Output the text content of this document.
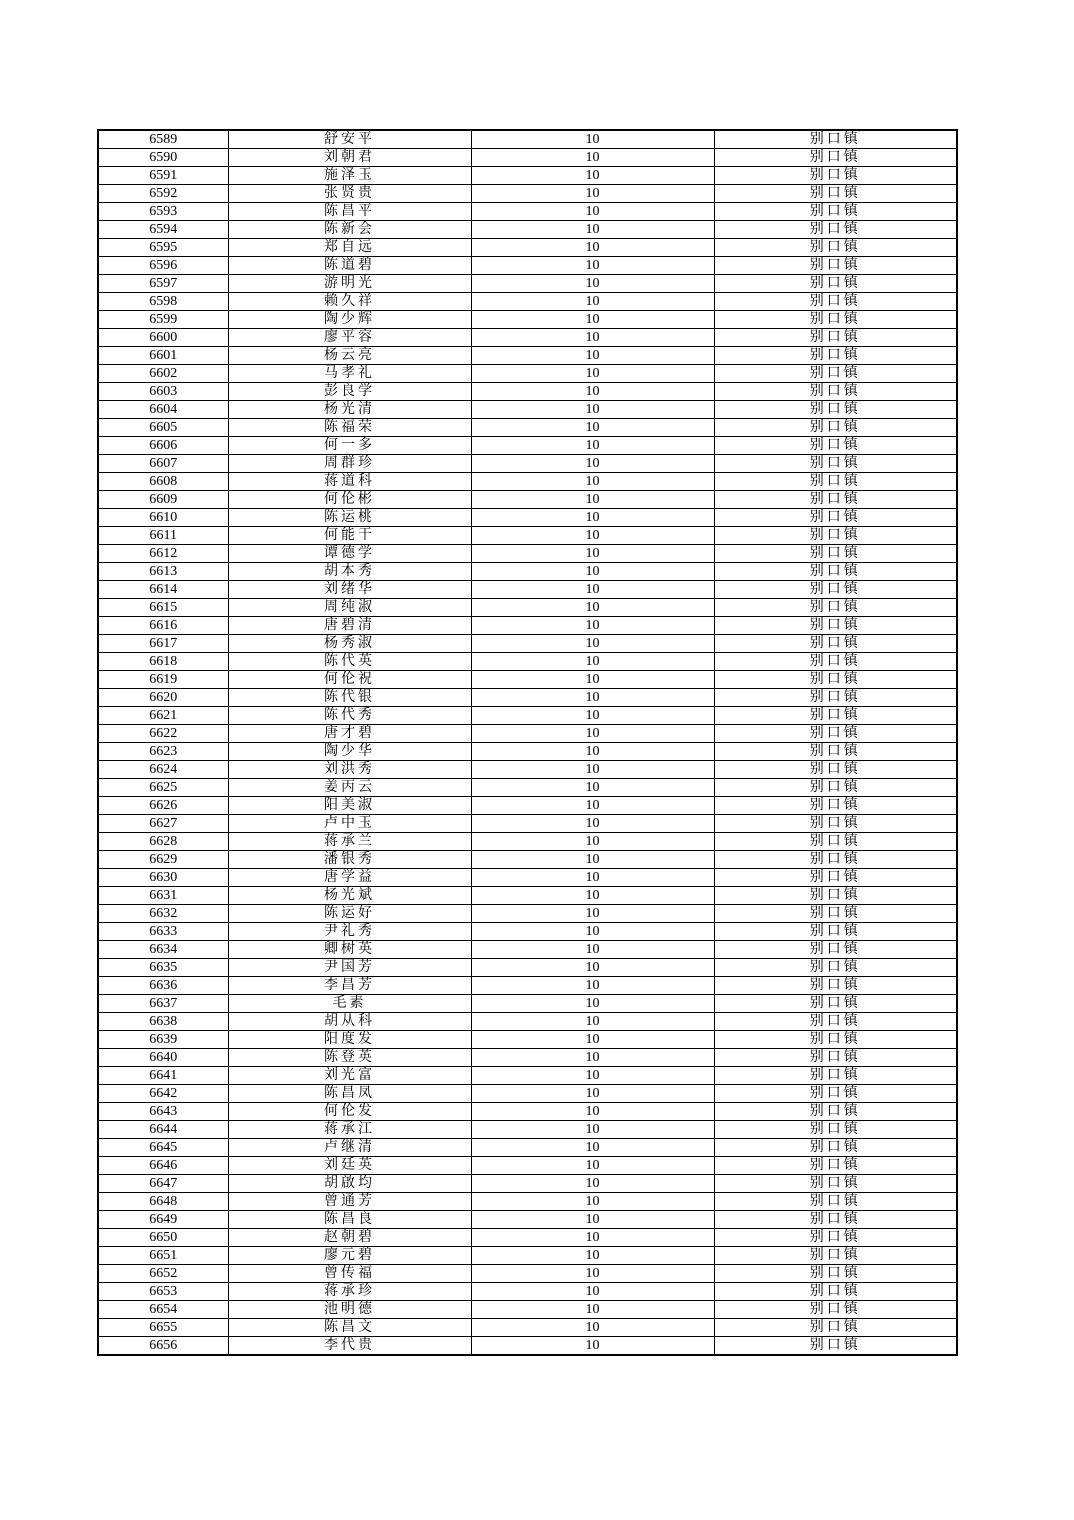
6589	舒安平	10	别口镇
6590	刘朝君	10	别口镇
6591	施泽玉	10	别口镇
6592	张贤贵	10	别口镇
6593	陈昌平	10	别口镇
6594	陈新会	10	别口镇
6595	郑自远	10	别口镇
6596	陈道碧	10	别口镇
6597	游明光	10	别口镇
6598	赖久祥	10	别口镇
6599	陶少辉	10	别口镇
6600	廖平容	10	别口镇
6601	杨云亮	10	别口镇
6602	马孝礼	10	别口镇
6603	彭良学	10	别口镇
6604	杨光清	10	别口镇
6605	陈福荣	10	别口镇
6606	何一多	10	别口镇
6607	周群珍	10	别口镇
6608	蒋道科	10	别口镇
6609	何伦彬	10	别口镇
6610	陈运桃	10	别口镇
6611	何能干	10	别口镇
6612	谭德学	10	别口镇
6613	胡本秀	10	别口镇
6614	刘绪华	10	别口镇
6615	周纯淑	10	别口镇
6616	唐碧清	10	别口镇
6617	杨秀淑	10	别口镇
6618	陈代英	10	别口镇
6619	何伦祝	10	别口镇
6620	陈代银	10	别口镇
6621	陈代秀	10	别口镇
6622	唐才碧	10	别口镇
6623	陶少华	10	别口镇
6624	刘洪秀	10	别口镇
6625	姜丙云	10	别口镇
6626	阳美淑	10	别口镇
6627	卢中玉	10	别口镇
6628	蒋承兰	10	别口镇
6629	潘银秀	10	别口镇
6630	唐学益	10	别口镇
6631	杨光斌	10	别口镇
6632	陈运好	10	别口镇
6633	尹礼秀	10	别口镇
6634	卿树英	10	别口镇
6635	尹国芳	10	别口镇
6636	李昌芳	10	别口镇
6637	毛素	10	别口镇
6638	胡从科	10	别口镇
6639	阳度发	10	别口镇
6640	陈登英	10	别口镇
6641	刘光富	10	别口镇
6642	陈昌凤	10	别口镇
6643	何伦发	10	别口镇
6644	蒋承江	10	别口镇
6645	卢继清	10	别口镇
6646	刘廷英	10	别口镇
6647	胡啟均	10	别口镇
6648	曾通芳	10	别口镇
6649	陈昌良	10	别口镇
6650	赵朝碧	10	别口镇
6651	廖元碧	10	别口镇
6652	曾传福	10	别口镇
6653	蒋承珍	10	别口镇
6654	池明德	10	别口镇
6655	陈昌文	10	别口镇
6656	李代贵	10	别口镇
